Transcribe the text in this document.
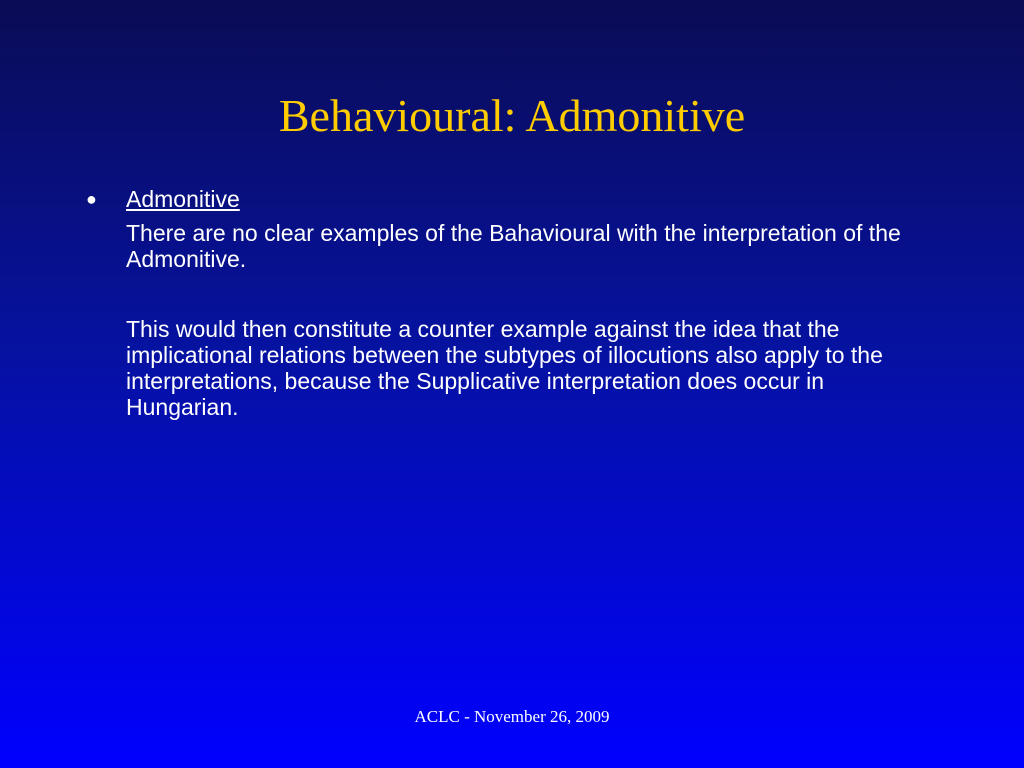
Behavioural: Admonitive
●	Admonitive

There are no clear examples of the Bahavioural with the interpretation of the Admonitive.

This would then constitute a counter example against the idea that the implicational relations between the subtypes of illocutions also apply to the interpretations, because the Supplicative interpretation does occur in Hungarian.

ACLC - November 26, 2009
